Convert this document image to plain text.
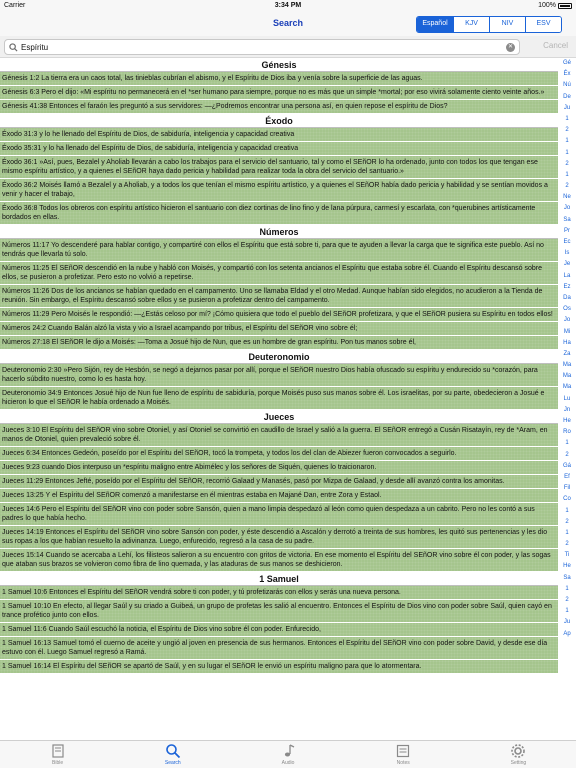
Carrier	3:34 PM	100%
Search	Español	KJV	NIV	ESV
Espíritu
✕	Cancel
Génesis
Génesis 1:2 La tierra era un caos total, las tinieblas cubrían el abismo, y el Espíritu de Dios iba y venía sobre la superficie de las aguas.
Génesis 6:3 Pero el dijo: «Mi espíritu no permanecerá en el *ser humano para siempre, porque no es más que un simple *mortal; por eso vivirá solamente ciento veinte años.»
Génesis 41:38 Entonces el faraón les preguntó a sus servidores: —¿Podremos encontrar una persona así, en quien repose el espíritu de Dios?
Éxodo
Éxodo 31:3 y lo he llenado del Espíritu de Dios, de sabiduría, inteligencia y capacidad creativa
Éxodo 35:31 y lo ha llenado del Espíritu de Dios, de sabiduría, inteligencia y capacidad creativa
Éxodo 36:1 »Así, pues, Bezalel y Aholiab llevarán a cabo los trabajos para el servicio del santuario, tal y como el SEñOR lo ha ordenado, junto con todos los que tengan ese mismo espíritu artístico, y a quienes el SEñOR haya dado pericia y habilidad para realizar toda la obra del servicio del santuario.»
Éxodo 36:2 Moisés llamó a Bezalel y a Aholiab, y a todos los que tenían el mismo espíritu artístico, y a quienes el SEñOR había dado pericia y habilidad y se sentían movidos a venir y hacer el trabajo,
Éxodo 36:8 Todos los obreros con espíritu artístico hicieron el santuario con diez cortinas de lino fino y de lana púrpura, carmesí y escarlata, con *querubines artísticamente bordados en ellas.
Números
Números 11:17 Yo descenderé para hablar contigo, y compartiré con ellos el Espíritu que está sobre ti, para que te ayuden a llevar la carga que te significa este pueblo. Así no tendrás que llevarla tú solo.
Números 11:25 El SEñOR descendió en la nube y habló con Moisés, y compartió con los setenta ancianos el Espíritu que estaba sobre él. Cuando el Espíritu descansó sobre ellos, se pusieron a profetizar. Pero esto no volvió a repetirse.
Números 11:26 Dos de los ancianos se habían quedado en el campamento. Uno se llamaba Eldad y el otro Medad. Aunque habían sido elegidos, no acudieron a la Tienda de reunión. Sin embargo, el Espíritu descansó sobre ellos y se pusieron a profetizar dentro del campamento.
Números 11:29 Pero Moisés le respondió: —¿Estás celoso por mí? ¡Cómo quisiera que todo el pueblo del SEñOR profetizara, y que el SEñOR pusiera su Espíritu en todos ellos!
Números 24:2 Cuando Balán alzó la vista y vio a Israel acampando por tribus, el Espíritu del SEñOR vino sobre él;
Números 27:18 El SEñOR le dijo a Moisés: —Toma a Josué hijo de Nun, que es un hombre de gran espíritu. Pon tus manos sobre él,
Deuteronomio
Deuteronomio 2:30 »Pero Sijón, rey de Hesbón, se negó a dejarnos pasar por allí, porque el SEñOR nuestro Dios había ofuscado su espíritu y endurecido su *corazón, para hacerlo súbdito nuestro, como lo es hasta hoy.
Deuteronomio 34:9 Entonces Josué hijo de Nun fue lleno de espíritu de sabiduría, porque Moisés puso sus manos sobre él. Los israelitas, por su parte, obedecieron a Josué e hicieron lo que el SEñOR le había ordenado a Moisés.
Jueces
Jueces 3:10 El Espíritu del SEñOR vino sobre Otoniel, y así Otoniel se convirtió en caudillo de Israel y salió a la guerra. El SEñOR entregó a Cusán Risatayín, rey de *Aram, en manos de Otoniel, quien prevaleció sobre él.
Jueces 6:34 Entonces Gedeón, poseído por el Espíritu del SEñOR, tocó la trompeta, y todos los del clan de Abiezer fueron convocados a seguirlo.
Jueces 9:23 cuando Dios interpuso un *espíritu maligno entre Abimélec y los señores de Siquén, quienes lo traicionaron.
Jueces 11:29 Entonces Jefté, poseído por el Espíritu del SEñOR, recorrió Galaad y Manasés, pasó por Mizpa de Galaad, y desde allí avanzó contra los amonitas.
Jueces 13:25 Y el Espíritu del SEñOR comenzó a manifestarse en él mientras estaba en Majané Dan, entre Zora y Estaol.
Jueces 14:6 Pero el Espíritu del SEñOR vino con poder sobre Sansón, quien a mano limpia despedazó al león como quien despedaza a un cabrito. Pero no les contó a sus padres lo que había hecho.
Jueces 14:19 Entonces el Espíritu del SEñOR vino sobre Sansón con poder, y éste descendió a Ascalón y derrotó a treinta de sus hombres, les quitó sus pertenencias y les dio sus ropas a los que habían resuelto la adivinanza. Luego, enfurecido, regresó a la casa de su padre.
Jueces 15:14 Cuando se acercaba a Lehí, los filisteos salieron a su encuentro con gritos de victoria. En ese momento el Espíritu del SEñOR vino sobre él con poder, y las sogas que ataban sus brazos se volvieron como fibra de lino quemada, y las ataduras de sus manos se deshicieron.
1 Samuel
1 Samuel 10:6 Entonces el Espíritu del SEñOR vendrá sobre ti con poder, y tú profetizarás con ellos y serás una nueva persona.
1 Samuel 10:10 En efecto, al llegar Saúl y su criado a Guibeá, un grupo de profetas les salió al encuentro. Entonces el Espíritu de Dios vino con poder sobre Saúl, quien cayó en trance profético junto con ellos.
1 Samuel 11:6 Cuando Saúl escuchó la noticia, el Espíritu de Dios vino sobre él con poder. Enfurecido,
1 Samuel 16:13 Samuel tomó el cuerno de aceite y ungió al joven en presencia de sus hermanos. Entonces el Espíritu del SEñOR vino con poder sobre David, y desde ese día estuvo con él. Luego Samuel regresó a Ramá.
1 Samuel 16:14 El Espíritu del SEñOR se apartó de Saúl, y en su lugar el SEñOR le envió un espíritu maligno para que lo atormentara.
Gé
Éx
Nú
De
Ju
1
2
1
1
2
1
2
Ne
Jo
Sa
Pr
Ec
Is
Je
La
Ez
Da
Os
Jo
Mi
Ha
Za
Ma
Ma
Ma
Lu
Jn
He
Ro
1
2
Gá
Ef
Fil
Co
1
2
1
2
Ti
He
Sa
1
2
1
Ju
Ap
Bible	Search	Audio	Notes	Setting
